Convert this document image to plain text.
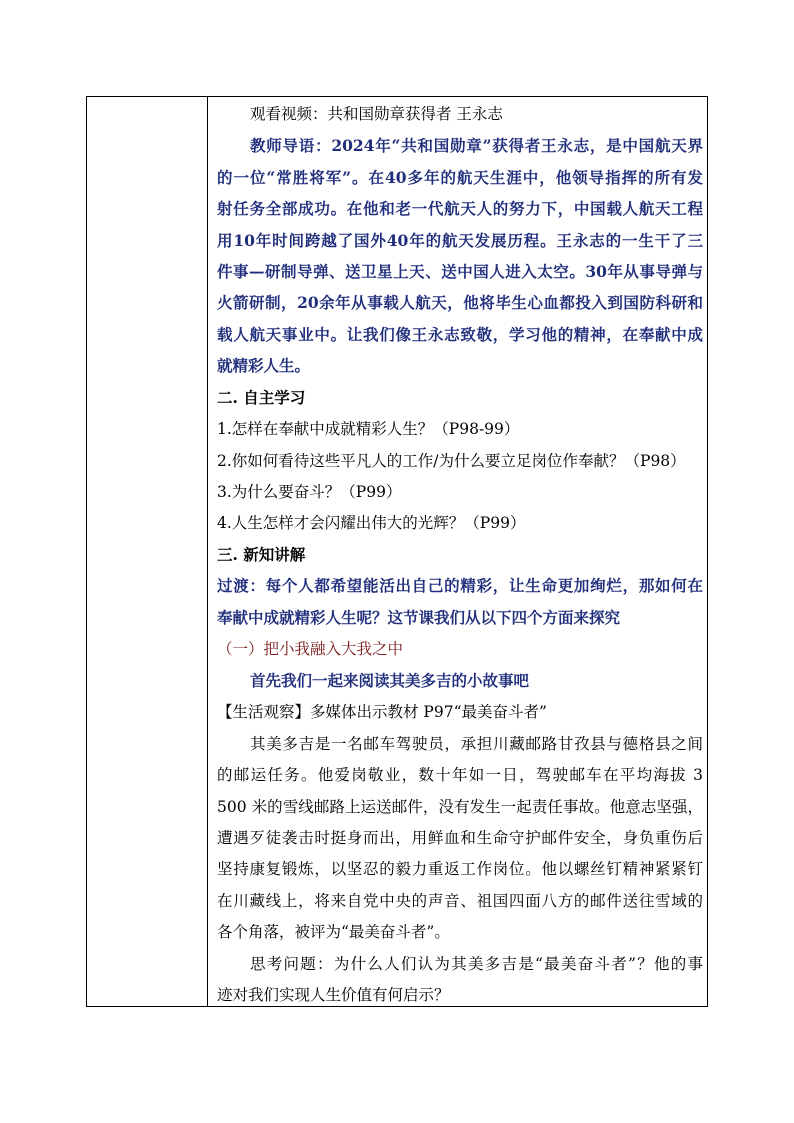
观看视频：共和国勋章获得者 王永志
教师导语：2024年“共和国勋章”获得者王永志，是中国航天界
的一位“常胜将军”。在40多年的航天生涯中，他领导指挥的所有发
射任务全部成功。在他和老一代航天人的努力下，中国载人航天工程
用10年时间跨越了国外40年的航天发展历程。王永志的一生干了三
件事—研制导弹、送卫星上天、送中国人进入太空。30年从事导弹与
火箭研制，20余年从事载人航天，他将毕生心血都投入到国防科研和
载人航天事业中。让我们像王永志致敬，学习他的精神，在奉献中成
就精彩人生。
二. 自主学习
1.怎样在奉献中成就精彩人生？（P98-99）
2.你如何看待这些平凡人的工作/为什么要立足岗位作奉献？（P98）
3.为什么要奋斗？（P99）
4.人生怎样才会闪耀出伟大的光辉？（P99）
三. 新知讲解
过渡：每个人都希望能活出自己的精彩，让生命更加绚烂，那如何在
奉献中成就精彩人生呢？这节课我们从以下四个方面来探究
（一）把小我融入大我之中
首先我们一起来阅读其美多吉的小故事吧
【生活观察】多媒体出示教材 P97“最美奋斗者”
其美多吉是一名邮车驾驶员，承担川藏邮路甘孜县与德格县之间
的邮运任务。他爱岗敬业，数十年如一日，驾驶邮车在平均海拔 3
500 米的雪线邮路上运送邮件，没有发生一起责任事故。他意志坚强，
遭遇歹徒袭击时挺身而出，用鲜血和生命守护邮件安全，身负重伤后
坚持康复锻炼，以坚忍的毅力重返工作岗位。他以螺丝钉精神紧紧钉
在川藏线上，将来自党中央的声音、祖国四面八方的邮件送往雪域的
各个角落，被评为“最美奋斗者”。
思考问题：为什么人们认为其美多吉是“最美奋斗者”？他的事
迹对我们实现人生价值有何启示？
